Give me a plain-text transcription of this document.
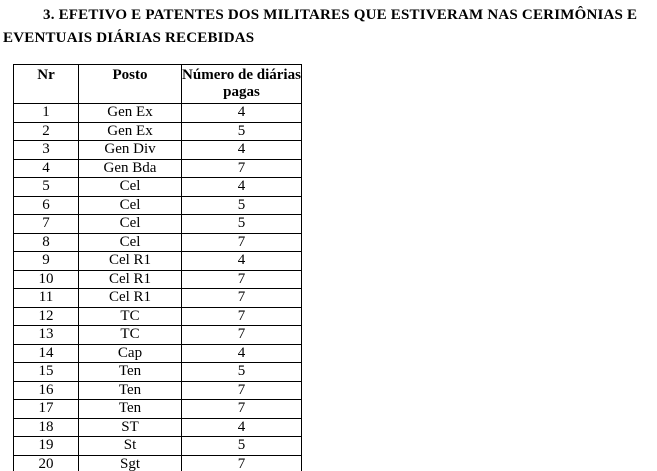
3. EFETIVO E PATENTES DOS MILITARES QUE ESTIVERAM NAS CERIMÔNIAS E
EVENTUAIS DIÁRIAS RECEBIDAS

Nr	Posto	Número de diárias pagas
1	Gen Ex	4
2	Gen Ex	5
3	Gen Div	4
4	Gen Bda	7
5	Cel	4
6	Cel	5
7	Cel	5
8	Cel	7
9	Cel R1	4
10	Cel R1	7
11	Cel R1	7
12	TC	7
13	TC	7
14	Cap	4
15	Ten	5
16	Ten	7
17	Ten	7
18	ST	4
19	St	5
20	Sgt	7
